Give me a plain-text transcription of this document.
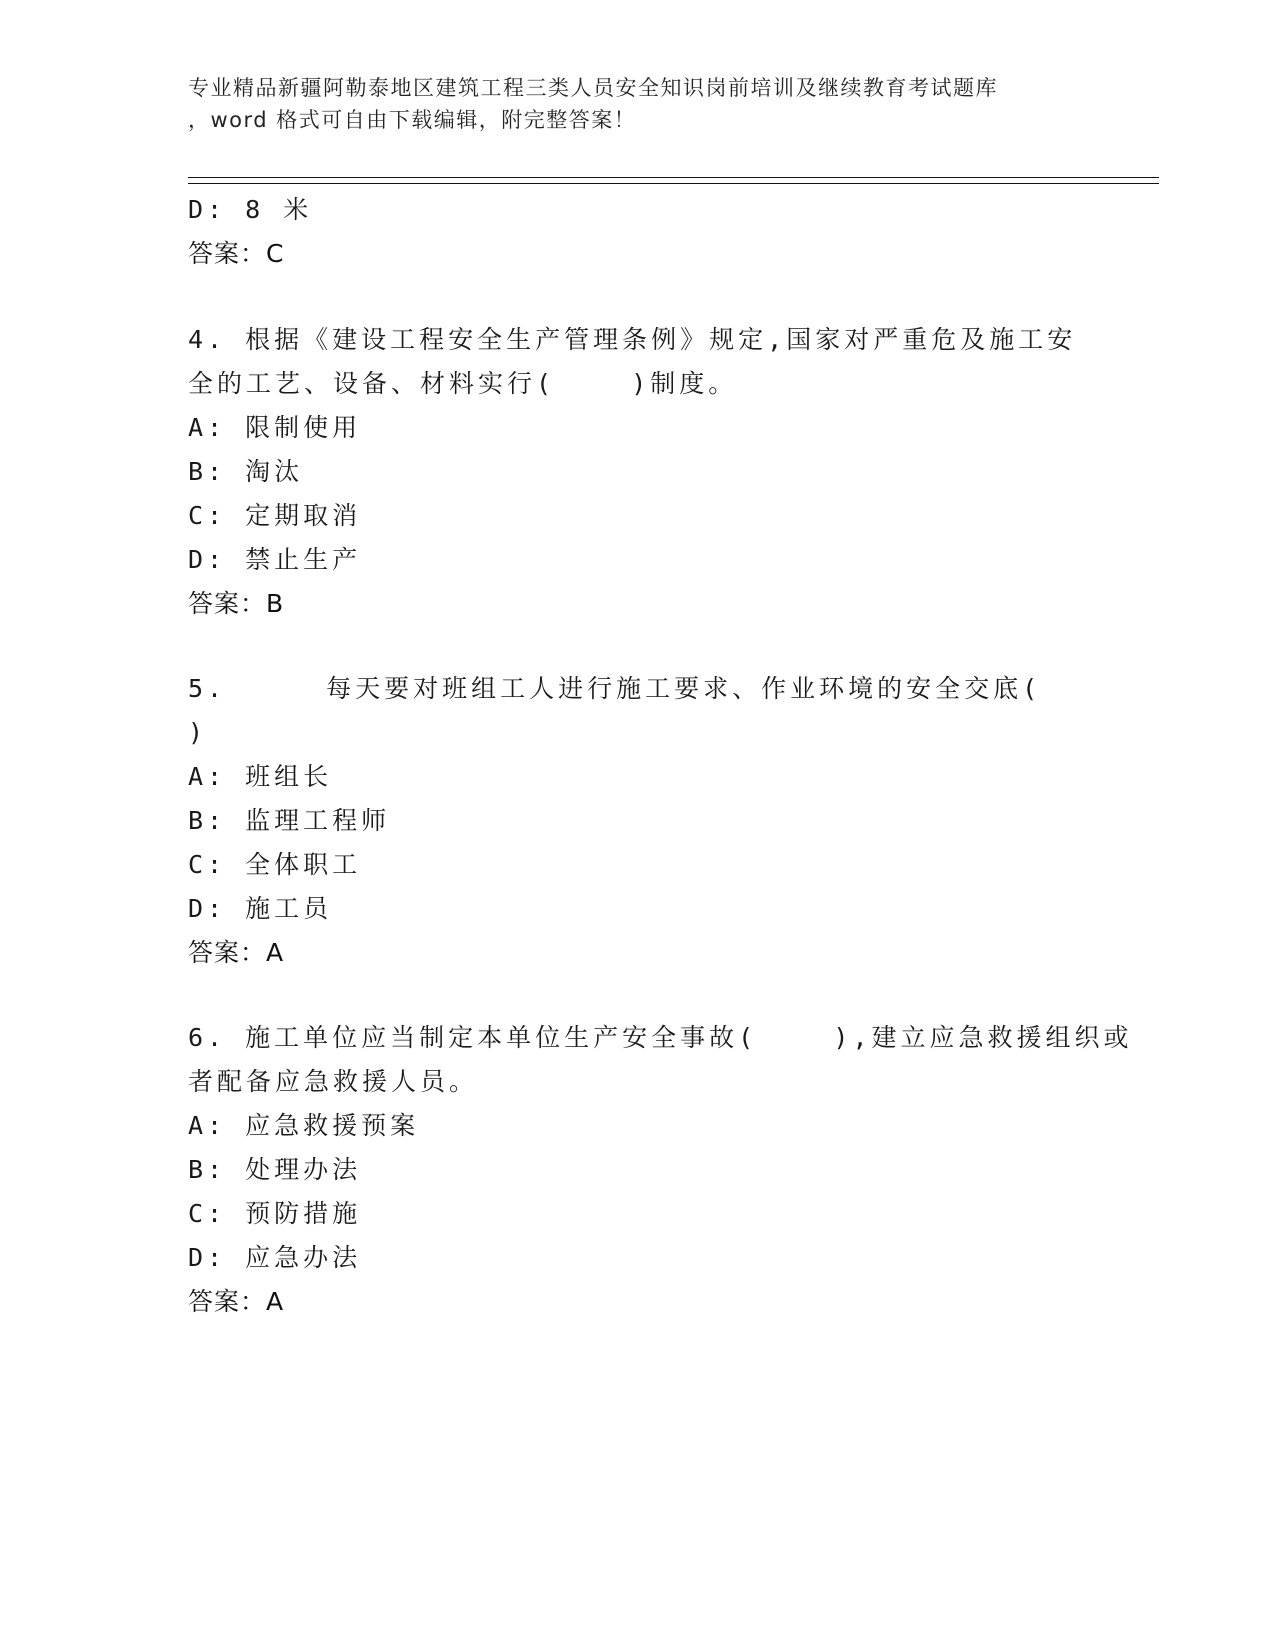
专业精品新疆阿勒泰地区建筑工程三类人员安全知识岗前培训及继续教育考试题库
，word 格式可自由下载编辑，附完整答案！
D: 8 米
答案：C
4. 根据《建设工程安全生产管理条例》规定,国家对严重危及施工安
全的工艺、设备、材料实行(    )制度。
A: 限制使用
B: 淘汰
C: 定期取消
D: 禁止生产
答案：B
5.	每天要对班组工人进行施工要求、作业环境的安全交底(
)
A: 班组长
B: 监理工程师
C: 全体职工
D: 施工员
答案：A
6. 施工单位应当制定本单位生产安全事故(    ),建立应急救援组织或
者配备应急救援人员。
A: 应急救援预案
B: 处理办法
C: 预防措施
D: 应急办法
答案：A
